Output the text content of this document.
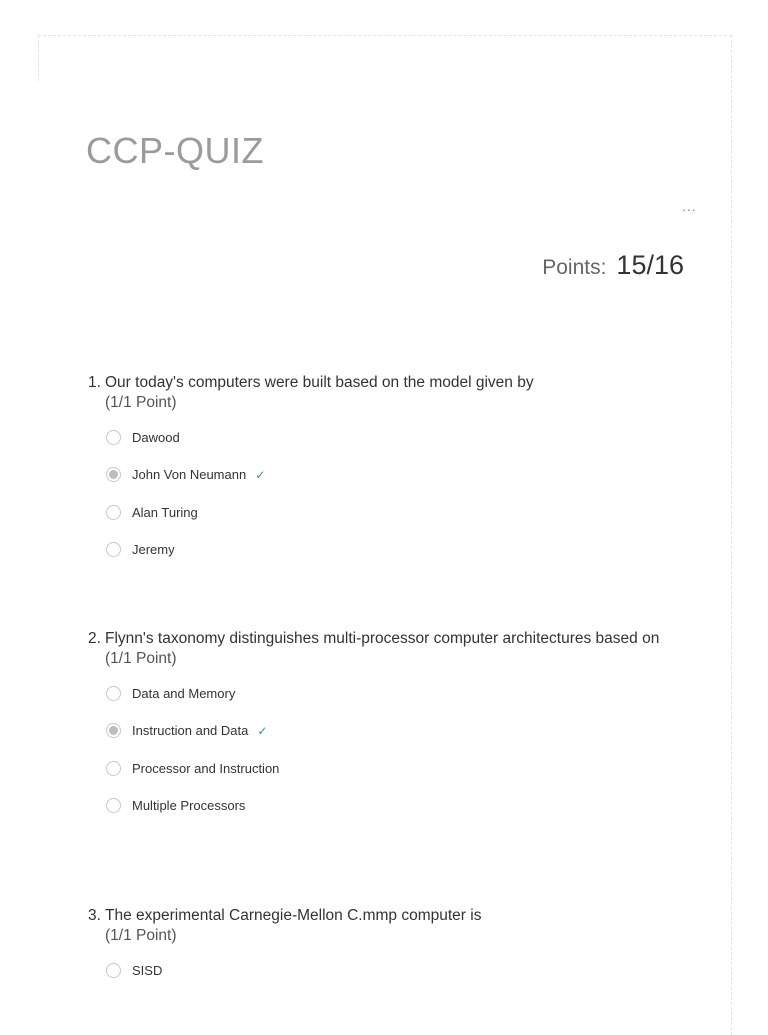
CCP-QUIZ
...
Points: 15/16
1. Our today's computers were built based on the model given by
(1/1 Point)
Dawood
John Von Neumann ✓
Alan Turing
Jeremy
2. Flynn's taxonomy distinguishes multi-processor computer architectures based on
(1/1 Point)
Data and Memory
Instruction and Data ✓
Processor and Instruction
Multiple Processors
3. The experimental Carnegie-Mellon C.mmp computer is
(1/1 Point)
SISD
